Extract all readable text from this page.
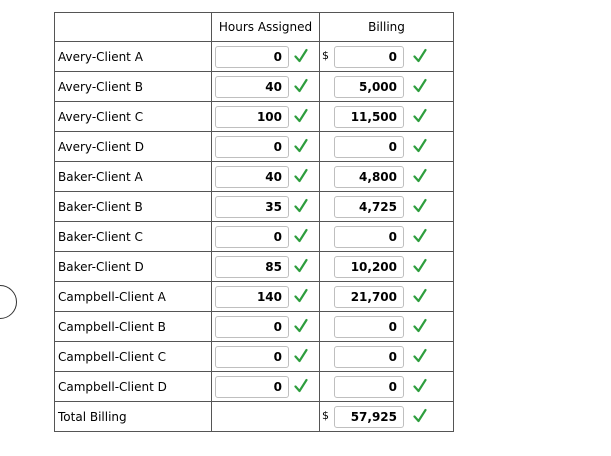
	Hours Assigned	Billing
Avery-Client A	0	$ 0

Avery-Client B	40	5,000

Avery-Client C	100	11,500

Avery-Client D	0	0

Baker-Client A	40	4,800

Baker-Client B	35	4,725

Baker-Client C	0	0

Baker-Client D	85	10,200

Campbell-Client A	140	21,700

Campbell-Client B	0	0

Campbell-Client C	0	0

Campbell-Client D	0	0

Total Billing		$ 57,925
